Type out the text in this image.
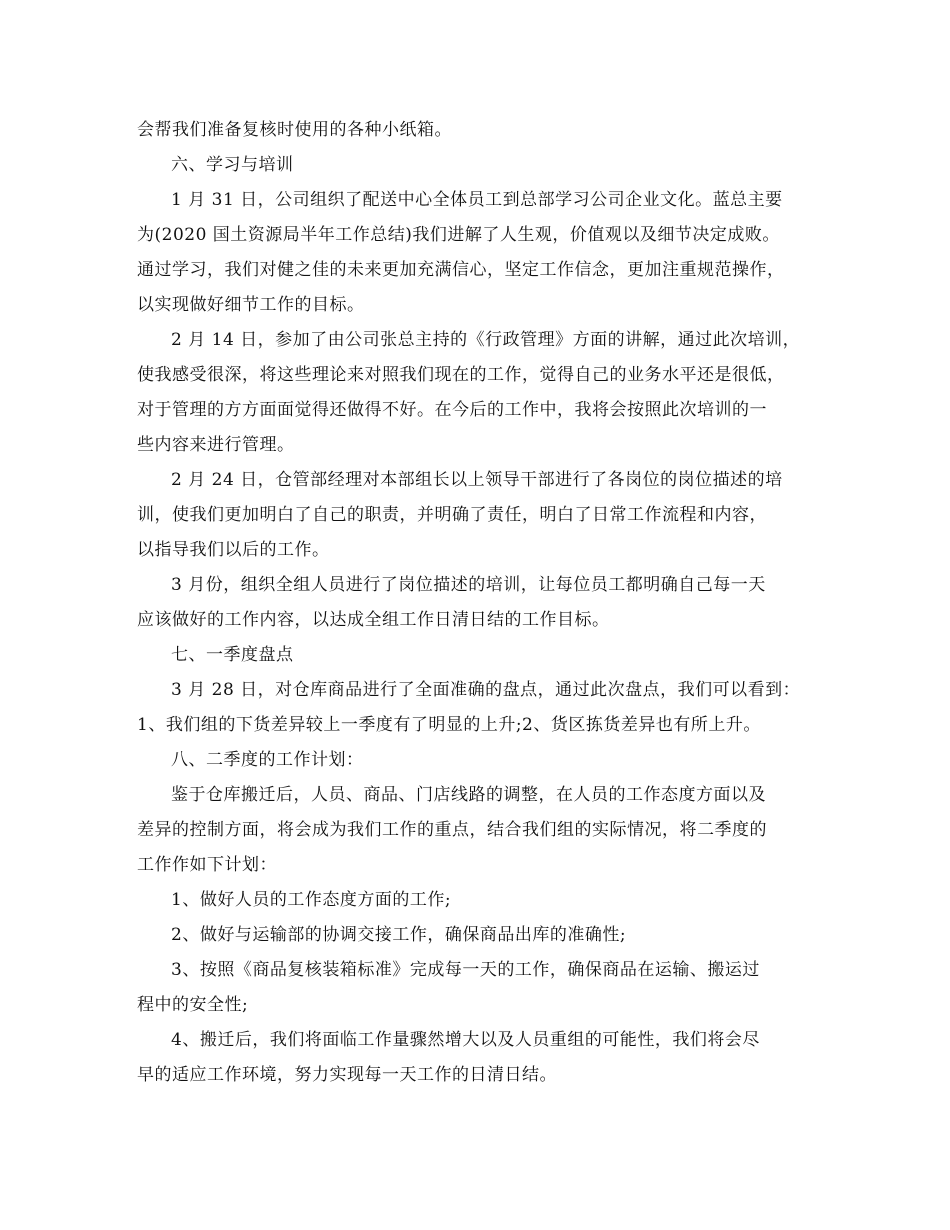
会帮我们准备复核时使用的各种小纸箱。
六、学习与培训
1 月 31 日，公司组织了配送中心全体员工到总部学习公司企业文化。蓝总主要
为(2020 国土资源局半年工作总结)我们进解了人生观，价值观以及细节决定成败。
通过学习，我们对健之佳的未来更加充满信心，坚定工作信念，更加注重规范操作，
以实现做好细节工作的目标。
2 月 14 日，参加了由公司张总主持的《行政管理》方面的讲解，通过此次培训，
使我感受很深，将这些理论来对照我们现在的工作，觉得自己的业务水平还是很低，
对于管理的方方面面觉得还做得不好。在今后的工作中，我将会按照此次培训的一
些内容来进行管理。
2 月 24 日，仓管部经理对本部组长以上领导干部进行了各岗位的岗位描述的培
训，使我们更加明白了自己的职责，并明确了责任，明白了日常工作流程和内容，
以指导我们以后的工作。
3 月份，组织全组人员进行了岗位描述的培训，让每位员工都明确自己每一天
应该做好的工作内容，以达成全组工作日清日结的工作目标。
七、一季度盘点
3 月 28 日，对仓库商品进行了全面准确的盘点，通过此次盘点，我们可以看到：
1、我们组的下货差异较上一季度有了明显的上升;2、货区拣货差异也有所上升。
八、二季度的工作计划：
鉴于仓库搬迁后，人员、商品、门店线路的调整，在人员的工作态度方面以及
差异的控制方面，将会成为我们工作的重点，结合我们组的实际情况，将二季度的
工作作如下计划：
1、做好人员的工作态度方面的工作;
2、做好与运输部的协调交接工作，确保商品出库的准确性;
3、按照《商品复核装箱标准》完成每一天的工作，确保商品在运输、搬运过
程中的安全性;
4、搬迁后，我们将面临工作量骤然增大以及人员重组的可能性，我们将会尽
早的适应工作环境，努力实现每一天工作的日清日结。
